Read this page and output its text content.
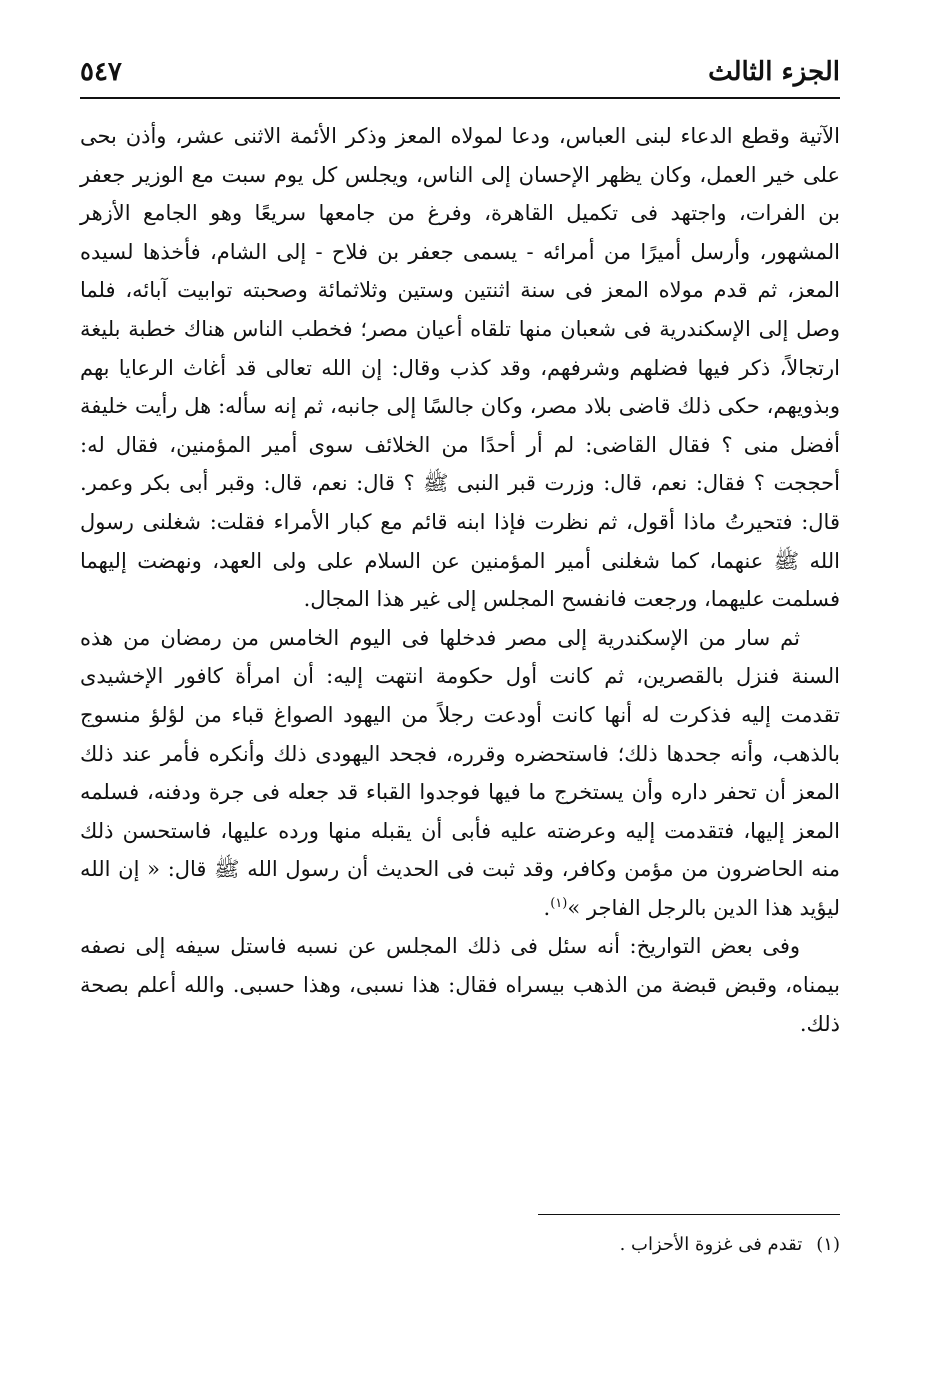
الجزء الثالث
٥٤٧

الآتية وقطع الدعاء لبنى العباس، ودعا لمولاه المعز وذكر الأئمة الاثنى عشر، وأذن بحى على خير العمل، وكان يظهر الإحسان إلى الناس، ويجلس كل يوم سبت مع الوزير جعفر بن الفرات، واجتهد فى تكميل القاهرة، وفرغ من جامعها سريعًا وهو الجامع الأزهر المشهور، وأرسل أميرًا من أمرائه - يسمى جعفر بن فلاح - إلى الشام، فأخذها لسيده المعز، ثم قدم مولاه المعز فى سنة اثنتين وستين وثلاثمائة وصحبته توابيت آبائه، فلما وصل إلى الإسكندرية فى شعبان منها تلقاه أعيان مصر؛ فخطب الناس هناك خطبة بليغة ارتجالاً، ذكر فيها فضلهم وشرفهم، وقد كذب وقال: إن الله تعالى قد أغاث الرعايا بهم وبذويهم، حكى ذلك قاضى بلاد مصر، وكان جالسًا إلى جانبه، ثم إنه سأله: هل رأيت خليفة أفضل منى ؟ فقال القاضى: لم أر أحدًا من الخلائف سوى أمير المؤمنين، فقال له: أحججت ؟ فقال: نعم، قال: وزرت قبر النبى ﷺ ؟ قال: نعم، قال: وقبر أبى بكر وعمر. قال: فتحيرتُ ماذا أقول، ثم نظرت فإذا ابنه قائم مع كبار الأمراء فقلت: شغلنى رسول الله ﷺ عنهما، كما شغلنى أمير المؤمنين عن السلام على ولى العهد، ونهضت إليهما فسلمت عليهما، ورجعت فانفسح المجلس إلى غير هذا المجال.

ثم سار من الإسكندرية إلى مصر فدخلها فى اليوم الخامس من رمضان من هذه السنة فنزل بالقصرين، ثم كانت أول حكومة انتهت إليه: أن امرأة كافور الإخشيدى تقدمت إليه فذكرت له أنها كانت أودعت رجلاً من اليهود الصواغ قباء من لؤلؤ منسوج بالذهب، وأنه جحدها ذلك؛ فاستحضره وقرره، فجحد اليهودى ذلك وأنكره فأمر عند ذلك المعز أن تحفر داره وأن يستخرج ما فيها فوجدوا القباء قد جعله فى جرة ودفنه، فسلمه المعز إليها، فتقدمت إليه وعرضته عليه فأبى أن يقبله منها ورده عليها، فاستحسن ذلك منه الحاضرون من مؤمن وكافر، وقد ثبت فى الحديث أن رسول الله ﷺ قال: « إن الله ليؤيد هذا الدين بالرجل الفاجر »$^{(١)}$.

وفى بعض التواريخ: أنه سئل فى ذلك المجلس عن نسبه فاستل سيفه إلى نصفه بيمناه، وقبض قبضة من الذهب بيسراه فقال: هذا نسبى، وهذا حسبى. والله أعلم بصحة ذلك.

(١)تقدم فى غزوة الأحزاب .
